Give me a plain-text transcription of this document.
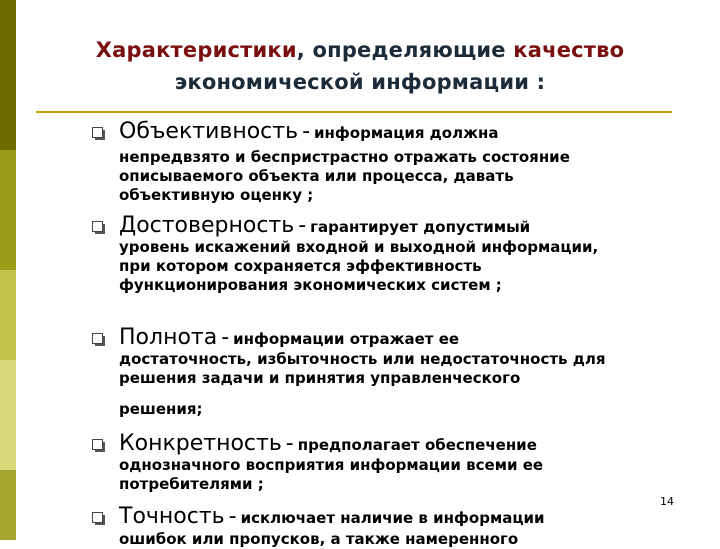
Характеристики, определяющие качество
экономической информации :
Объективность - информация должна
непредвзято и беспристрастно отражать состояние описываемого объекта или процесса, давать объективную оценку ;
Достоверность - гарантирует допустимый
уровень искажений входной и выходной информации, при котором сохраняется эффективность функционирования экономических систем ;
Полнота - информации отражает ее
достаточность, избыточность или недостаточность для решения задачи и принятия управленческого
решения;
Конкретность - предполагает обеспечение
однозначного восприятия информации всеми ее потребителями ;
Точность - исключает наличие в информации
ошибок или пропусков, а также намеренного
14
